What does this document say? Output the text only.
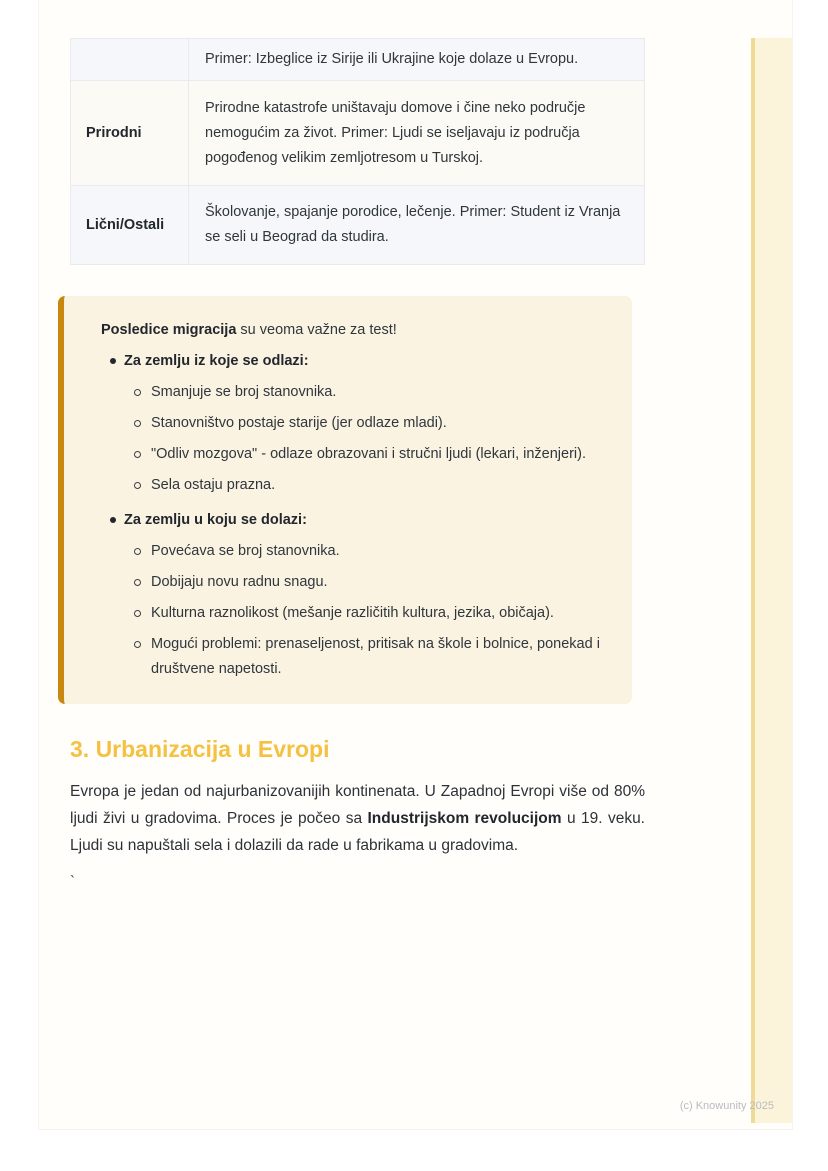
	Primer: Izbeglice iz Sirije ili Ukrajine koje dolaze u Evropu.
Prirodni	Prirodne katastrofe uništavaju domove i čine neko područje nemogućim za život. Primer: Ljudi se iseljavaju iz područja pogođenog velikim zemljotresom u Turskoj.
Lični/Ostali	Školovanje, spajanje porodice, lečenje. Primer: Student iz Vranja se seli u Beograd da studira.

Posledice migracija su veoma važne za test!

Za zemlju iz koje se odlazi:
Smanjuje se broj stanovnika.
Stanovništvo postaje starije (jer odlaze mladi).
"Odliv mozgova" - odlaze obrazovani i stručni ljudi (lekari, inženjeri).
Sela ostaju prazna.
Za zemlju u koju se dolazi:
Povećava se broj stanovnika.
Dobijaju novu radnu snagu.
Kulturna raznolikost (mešanje različitih kultura, jezika, običaja).
Mogući problemi: prenaseljenost, pritisak na škole i bolnice, ponekad i društvene napetosti.
3. Urbanizacija u Evropi

Evropa je jedan od najurbanizovanijih kontinenata. U Zapadnoj Evropi više od 80% ljudi živi u gradovima. Proces je počeo sa Industrijskom revolucijom u 19. veku. Ljudi su napuštali sela i dolazili da rade u fabrikama u gradovima.

`
(c) Knowunity 2025
